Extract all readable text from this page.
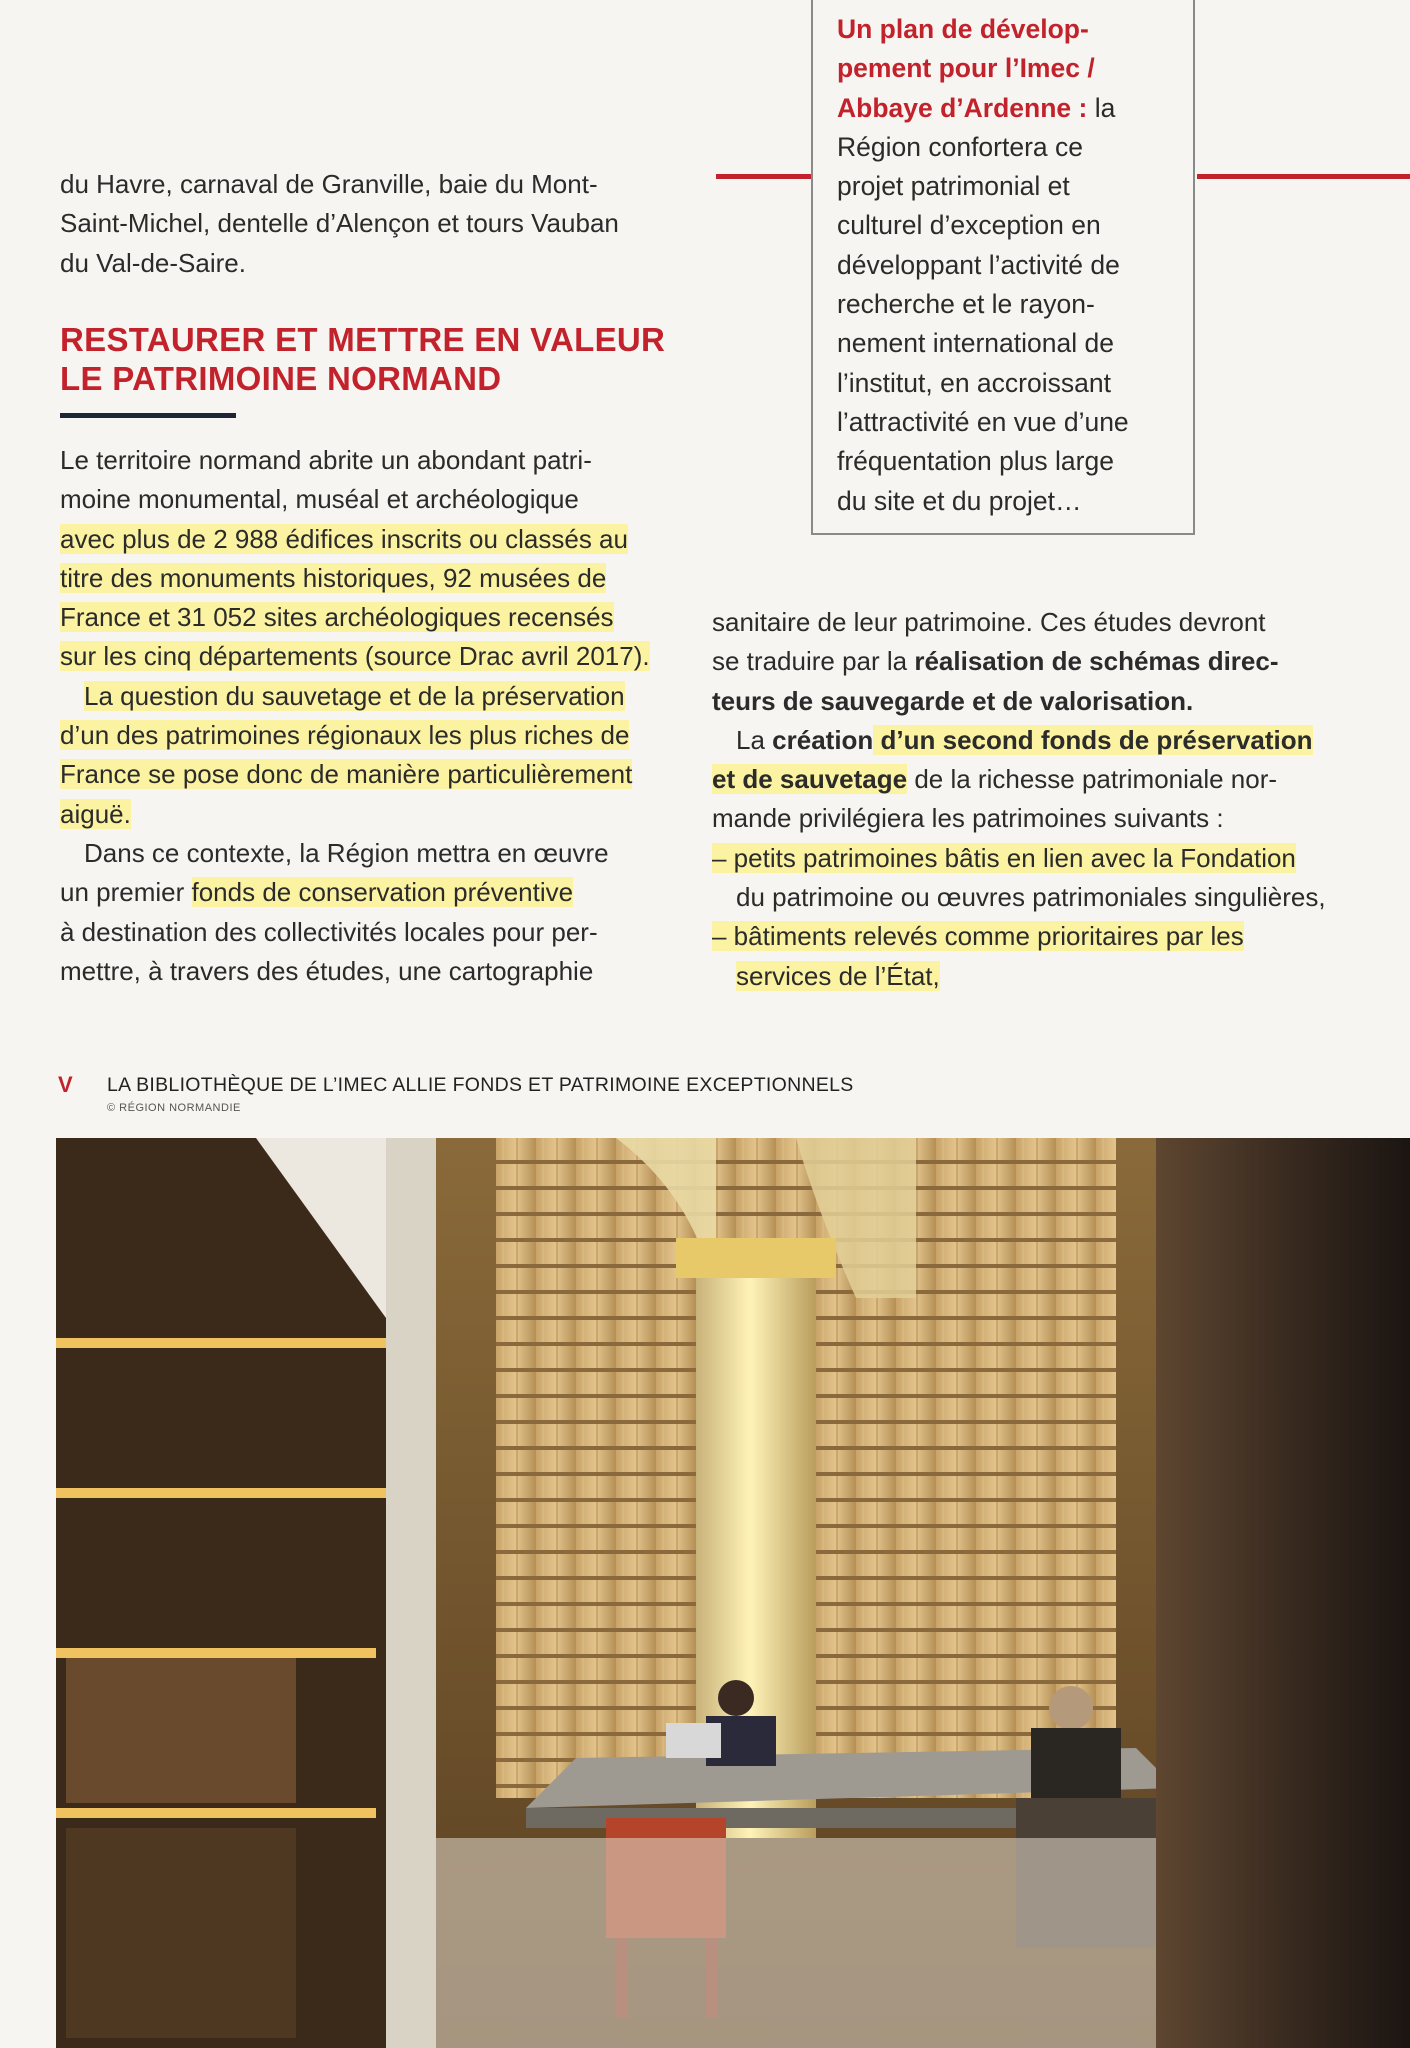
du Havre, carnaval de Granville, baie du Mont-
Saint-Michel, dentelle d’Alençon et tours Vauban
du Val-de-Saire.
RESTAURER ET METTRE EN VALEUR
LE PATRIMOINE NORMAND
Le territoire normand abrite un abondant patri-
moine monumental, muséal et archéologique
avec plus de 2 988 édifices inscrits ou classés au
titre des monuments historiques, 92 musées de
France et 31 052 sites archéologiques recensés
sur les cinq départements (source Drac avril 2017).
La question du sauvetage et de la préservation
d’un des patrimoines régionaux les plus riches de
France se pose donc de manière particulièrement
aiguë.
Dans ce contexte, la Région mettra en œuvre
un premier fonds de conservation préventive
à destination des collectivités locales pour per-
mettre, à travers des études, une cartographie
Un plan de dévelop-
pement pour l’Imec /
Abbaye d’Ardenne : la
Région confortera ce
projet patrimonial et
culturel d’exception en
développant l’activité de
recherche et le rayon-
nement international de
l’institut, en accroissant
l’attractivité en vue d’une
fréquentation plus large
du site et du projet…
sanitaire de leur patrimoine. Ces études devront
se traduire par la réalisation de schémas direc-
teurs de sauvegarde et de valorisation.
La création d’un second fonds de préservation
et de sauvetage de la richesse patrimoniale nor-
mande privilégiera les patrimoines suivants :
– petits patrimoines bâtis en lien avec la Fondation
du patrimoine ou œuvres patrimoniales singulières,
– bâtiments relevés comme prioritaires par les
services de l’État,
V LA BIBLIOTHÈQUE DE L’IMEC ALLIE FONDS ET PATRIMOINE EXCEPTIONNELS
© RÉGION NORMANDIE
